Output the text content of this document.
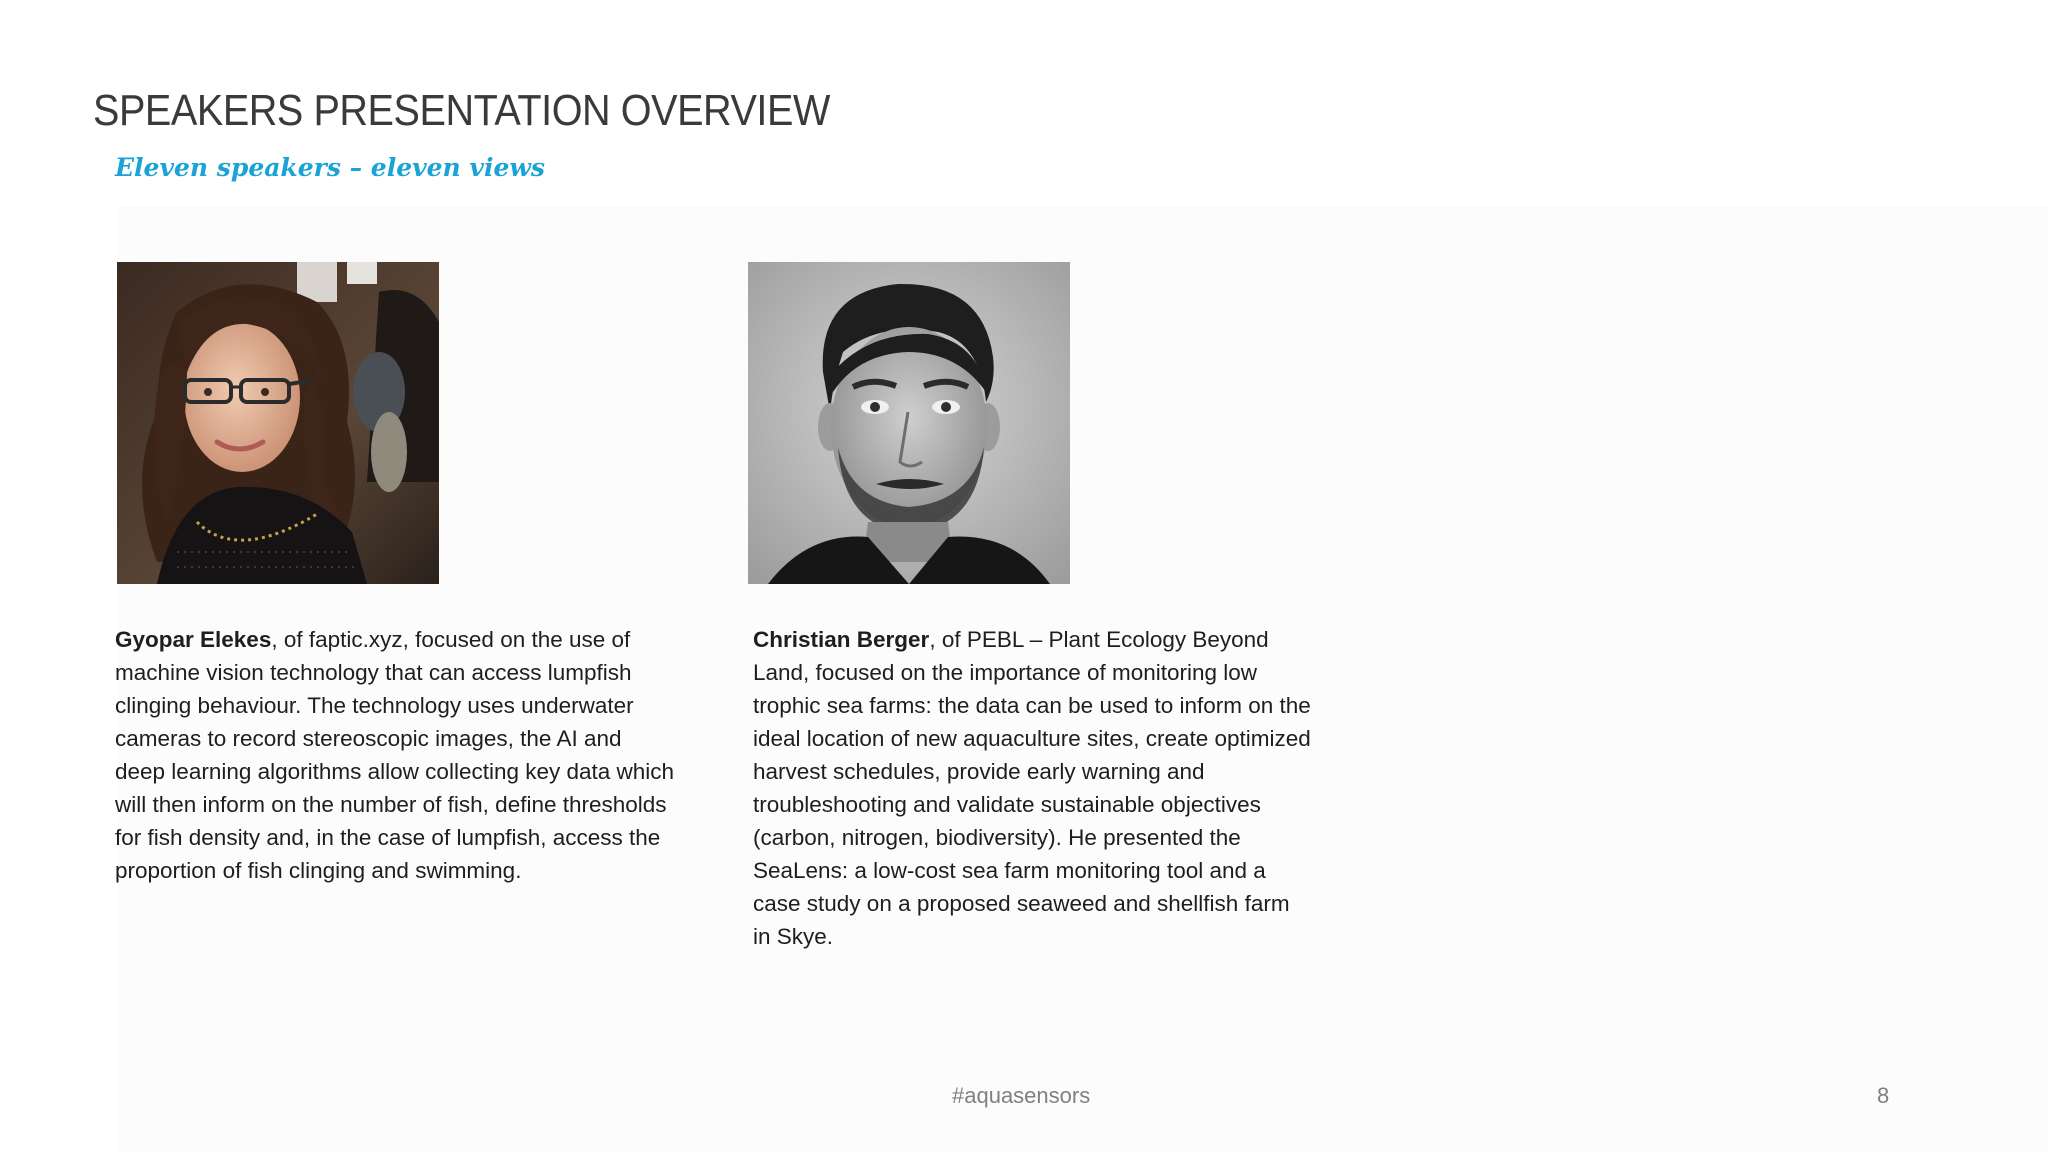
SPEAKERS PRESENTATION OVERVIEW
Eleven speakers – eleven views

Gyopar Elekes, of faptic.xyz, focused on the use of machine vision technology that can access lumpfish clinging behaviour. The technology uses underwater cameras to record stereoscopic images, the AI and deep learning algorithms allow collecting key data which will then inform on the number of fish, define thresholds for fish density and, in the case of lumpfish, access the proportion of fish clinging and swimming.

Christian Berger, of PEBL – Plant Ecology Beyond Land, focused on the importance of monitoring low trophic sea farms: the data can be used to inform on the ideal location of new aquaculture sites, create optimized harvest schedules, provide early warning and troubleshooting and validate sustainable objectives (carbon, nitrogen, biodiversity). He presented the SeaLens: a low-cost sea farm monitoring tool and a case study on a proposed seaweed and shellfish farm in Skye.

#aquasensors	8
